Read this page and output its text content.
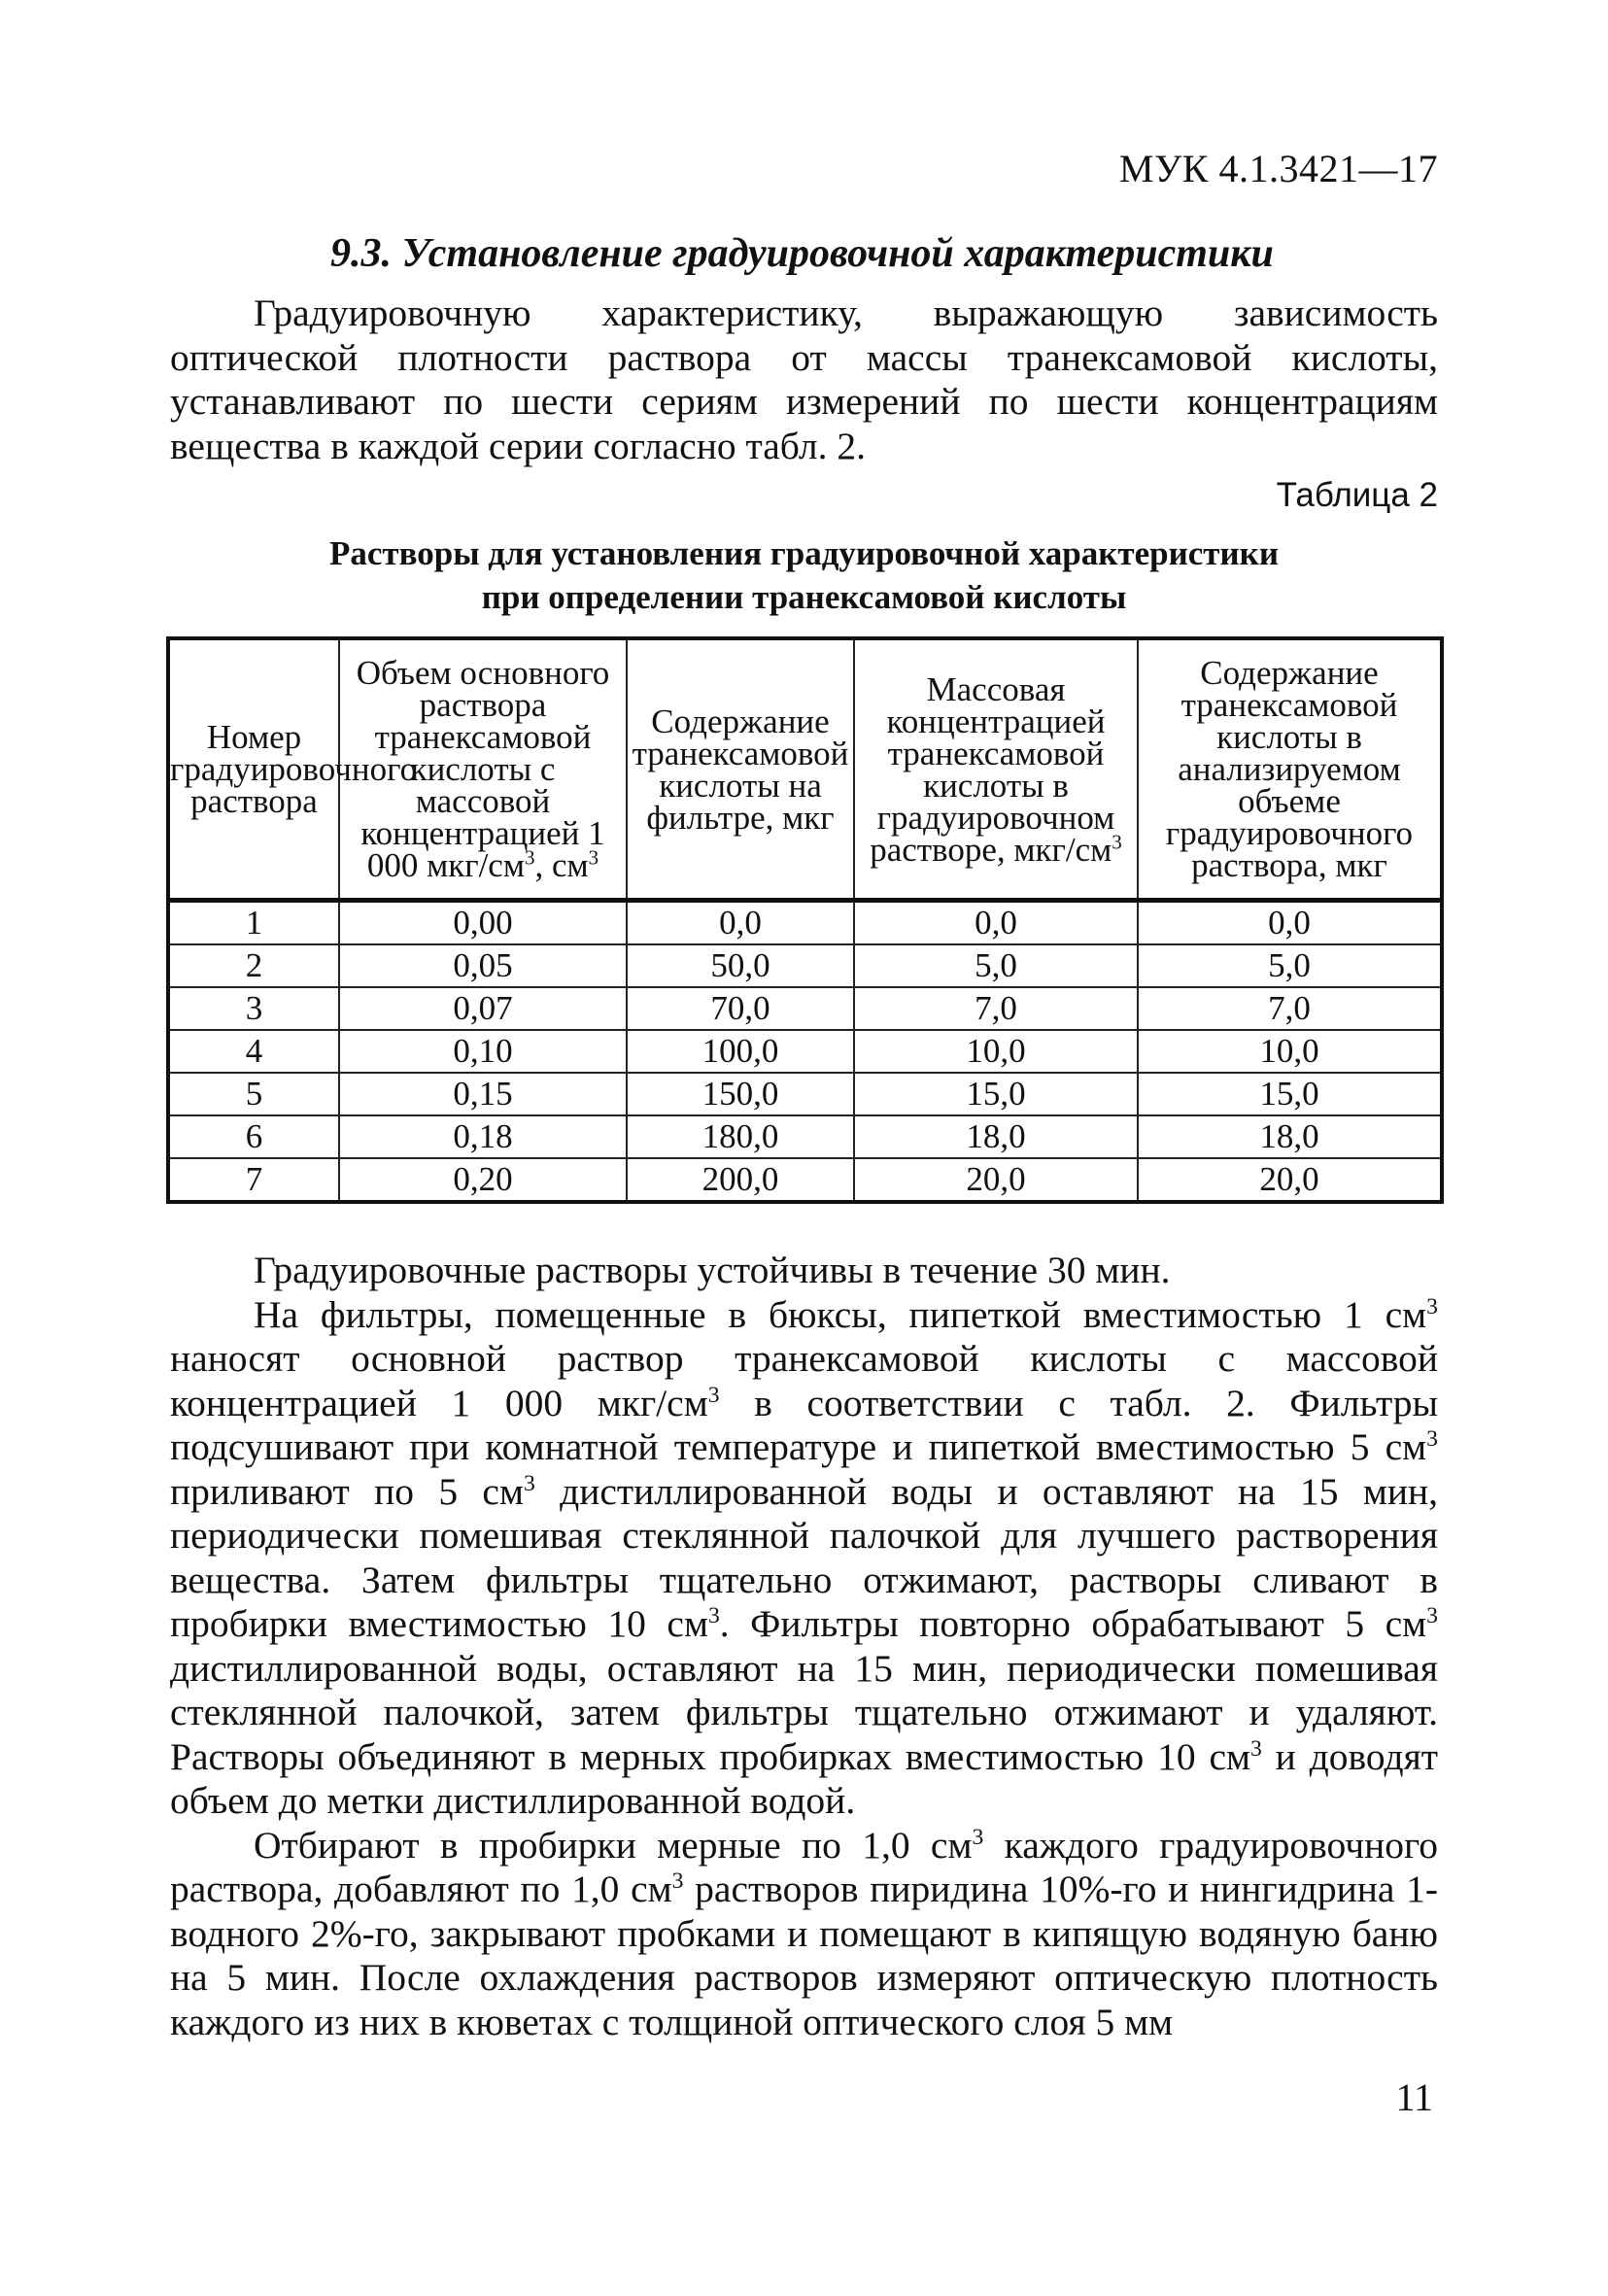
МУК 4.1.3421—17
9.3. Установление градуировочной характеристики

Градуировочную характеристику, выражающую зависимость оптической плотности раствора от массы транексамовой кислоты, устанавливают по шести сериям измерений по шести концентрациям вещества в каждой серии согласно табл. 2.

Таблица 2
Растворы для установления градуировочной характеристики
при определении транексамовой кислоты
Номер градуировочного раствора	Объем основного раствора транексамовой кислоты с массовой концентрацией 1 000 мкг/$см^3$, $см^3$	Содержание транексамовой кислоты на фильтре, мкг	Массовая концентрацией транексамовой кислоты в градуировочном растворе, мкг/$см^3$	Содержание транексамовой кислоты в анализируемом объеме градуировочного раствора, мкг
1	0,00	0,0	0,0	0,0
2	0,05	50,0	5,0	5,0
3	0,07	70,0	7,0	7,0
4	0,10	100,0	10,0	10,0
5	0,15	150,0	15,0	15,0
6	0,18	180,0	18,0	18,0
7	0,20	200,0	20,0	20,0

Градуировочные растворы устойчивы в течение 30 мин.

На фильтры, помещенные в бюксы, пипеткой вместимостью 1 $см^3$ наносят основной раствор транексамовой кислоты с массовой концентрацией 1 000 мкг/$см^3$ в соответствии с табл. 2. Фильтры подсушивают при комнатной температуре и пипеткой вместимостью 5 $см^3$ приливают по 5 $см^3$ дистиллированной воды и оставляют на 15 мин, периодически помешивая стеклянной палочкой для лучшего растворения вещества. Затем фильтры тщательно отжимают, растворы сливают в пробирки вместимостью 10 $см^3$. Фильтры повторно обрабатывают 5 $см^3$ дистиллированной воды, оставляют на 15 мин, периодически помешивая стеклянной палочкой, затем фильтры тщательно отжимают и удаляют. Растворы объединяют в мерных пробирках вместимостью 10 $см^3$ и доводят объем до метки дистиллированной водой.

Отбирают в пробирки мерные по 1,0 $см^3$ каждого градуировочного раствора, добавляют по 1,0 $см^3$ растворов пиридина 10%-го и нингидрина 1-водного 2%-го, закрывают пробками и помещают в кипящую водяную баню на 5 мин. После охлаждения растворов измеряют оптическую плотность каждого из них в кюветах с толщиной оптического слоя 5 мм

11
